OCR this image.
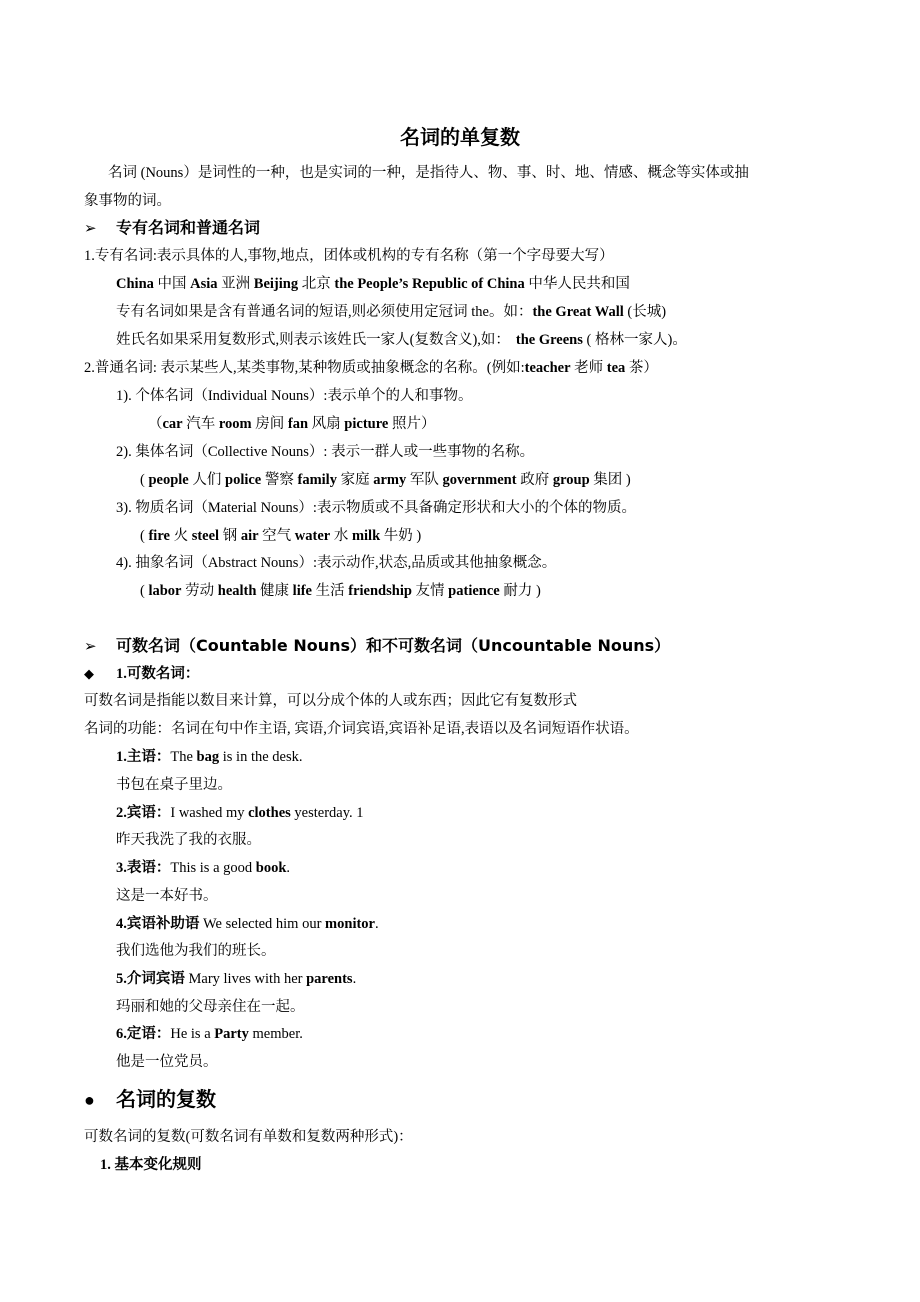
名词的单复数
名词 (Nouns）是词性的一种，也是实词的一种，是指待人、物、事、时、地、情感、概念等实体或抽
象事物的词。
➢ 专有名词和普通名词
1.专有名词:表示具体的人,事物,地点，团体或机构的专有名称（第一个字母要大写）
China 中国 Asia 亚洲 Beijing 北京 the People’s Republic of China 中华人民共和国
专有名词如果是含有普通名词的短语,则必须使用定冠词 the。如：the Great Wall (长城)
姓氏名如果采用复数形式,则表示该姓氏一家人(复数含义),如： the Greens ( 格林一家人)。
2.普通名词: 表示某些人,某类事物,某种物质或抽象概念的名称。(例如:teacher 老师 tea 茶）
1). 个体名词（Individual Nouns）:表示单个的人和事物。
（car 汽车 room 房间 fan 风扇 picture 照片）
2). 集体名词（Collective Nouns）: 表示一群人或一些事物的名称。
( people 人们 police 警察 family 家庭 army 军队 government 政府 group 集团 )
3). 物质名词（Material Nouns）:表示物质或不具备确定形状和大小的个体的物质。
( fire 火 steel 钢 air 空气 water 水 milk 牛奶 )
4). 抽象名词（Abstract Nouns）:表示动作,状态,品质或其他抽象概念。
( labor 劳动 health 健康 life 生活 friendship 友情 patience 耐力 )
➢ 可数名词（Countable Nouns）和不可数名词（Uncountable Nouns）
◆ 1.可数名词：
可数名词是指能以数目来计算，可以分成个体的人或东西；因此它有复数形式
名词的功能：名词在句中作主语, 宾语,介词宾语,宾语补足语,表语以及名词短语作状语。
1.主语：The bag is in the desk.
书包在桌子里边。
2.宾语：I washed my clothes yesterday. 1
昨天我洗了我的衣服。
3.表语：This is a good book.
这是一本好书。
4.宾语补助语 We selected him our monitor.
我们选他为我们的班长。
5.介词宾语 Mary lives with her parents.
玛丽和她的父母亲住在一起。
6.定语：He is a Party member.
他是一位党员。
● 名词的复数
可数名词的复数(可数名词有单数和复数两种形式)：
1. 基本变化规则
